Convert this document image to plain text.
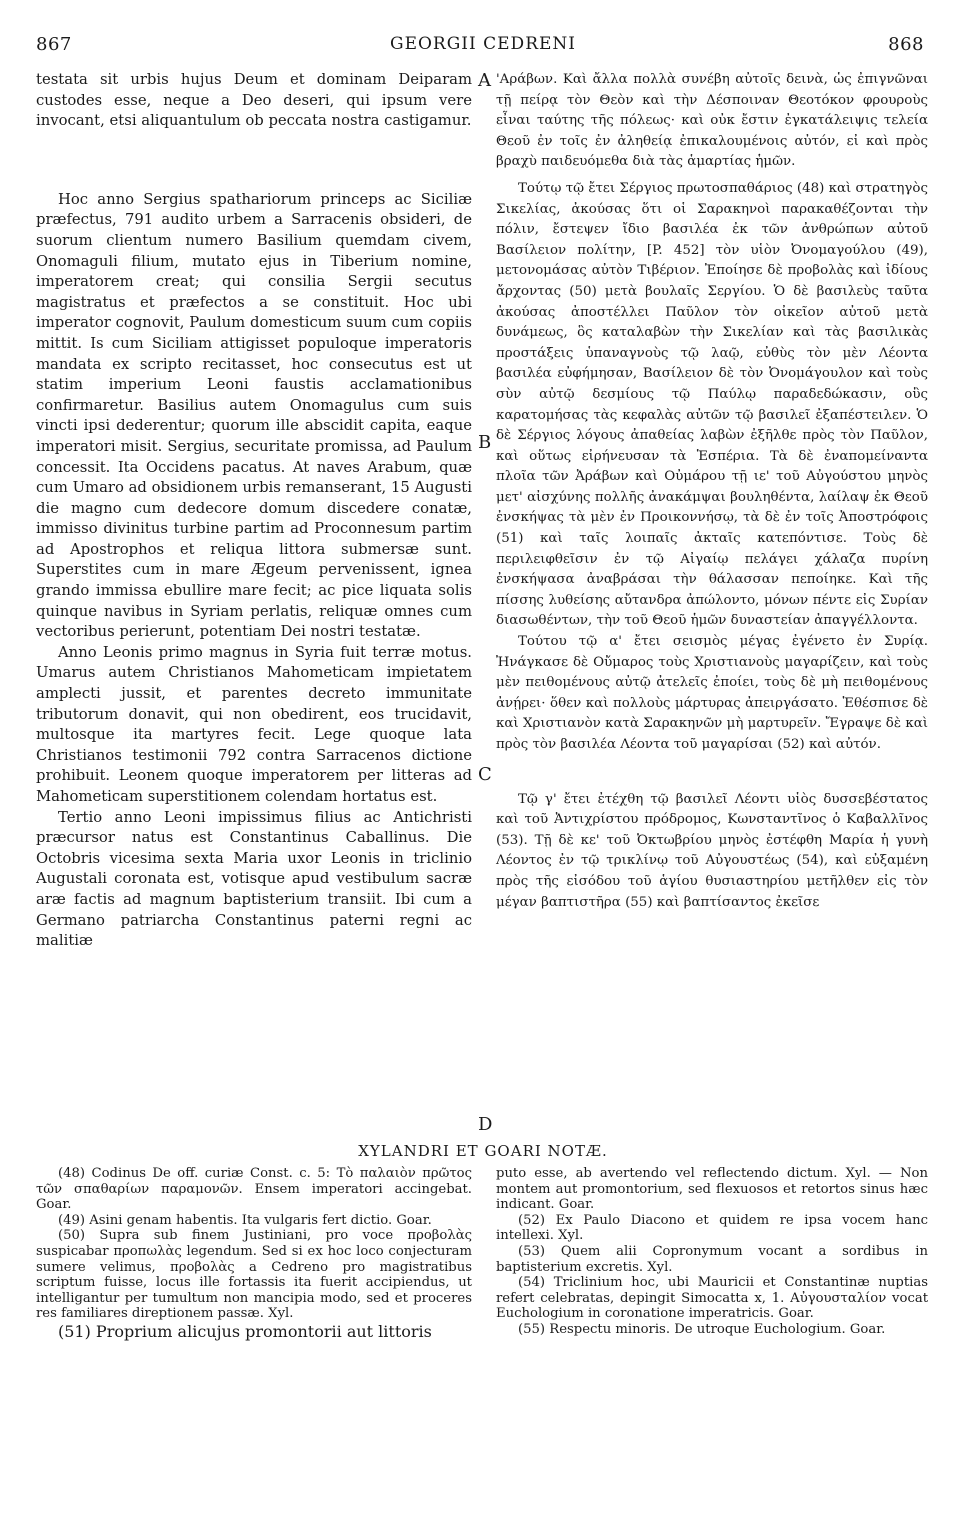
867	GEORGII CEDRENI	868

testata sit urbis hujus Deum et dominam Deiparam custodes esse, neque a Deo deseri, qui ipsum vere invocant, etsi aliquantulum ob peccata nostra castigamur.

Hoc anno Sergius spathariorum princeps ac Siciliæ præfectus, 791 audito urbem a Sarracenis obsideri, de suorum clientum numero Basilium quemdam civem, Onomaguli filium, mutato ejus in Tiberium nomine, imperatorem creat; qui consilia Sergii secutus magistratus et præfectos a se constituit. Hoc ubi imperator cognovit, Paulum domesticum suum cum copiis mittit. Is cum Siciliam attigisset populoque imperatoris mandata ex scripto recitasset, hoc consecutus est ut statim imperium Leoni faustis acclamationibus confirmaretur. Basilius autem Onomagulus cum suis vincti ipsi dederentur; quorum ille abscidit capita, eaque imperatori misit. Sergius, securitate promissa, ad Paulum concessit. Ita Occidens pacatus. At naves Arabum, quæ cum Umaro ad obsidionem urbis remanserant, 15 Augusti die magno cum dedecore domum discedere conatæ, immisso divinitus turbine partim ad Proconnesum partim ad Apostrophos et reliqua littora submersæ sunt. Superstites cum in mare Ægeum pervenissent, ignea grando immissa ebullire mare fecit; ac pice liquata solis quinque navibus in Syriam perlatis, reliquæ omnes cum vectoribus perierunt, potentiam Dei nostri testatæ.

Anno Leonis primo magnus in Syria fuit terræ motus. Umarus autem Christianos Mahometicam impietatem amplecti jussit, et parentes decreto immunitate tributorum donavit, qui non obedirent, eos trucidavit, multosque ita martyres fecit. Lege quoque lata Christianos testimonii 792 contra Sarracenos dictione prohibuit. Leonem quoque imperatorem per litteras ad Mahometicam superstitionem colendam hortatus est.

Tertio anno Leoni impissimus filius ac Antichristi præcursor natus est Constantinus Caballinus. Die Octobris vicesima sexta Maria uxor Leonis in triclinio Augustali coronata est, votisque apud vestibulum sacræ aræ factis ad magnum baptisterium transiit. Ibi cum a Germano patriarcha Constantinus paterni regni ac malitiæ

'Αράβων. Καὶ ἄλλα πολλὰ συνέβη αὐτοῖς δεινὰ, ὡς ἐπιγνῶναι τῇ πείρᾳ τὸν Θεὸν καὶ τὴν Δέσποιναν Θεοτόκον φρουροὺς εἶναι ταύτης τῆς πόλεως· καὶ οὐκ ἔστιν ἐγκατάλειψις τελεία Θεοῦ ἐν τοῖς ἐν ἀληθείᾳ ἐπικαλουμένοις αὐτόν, εἰ καὶ πρὸς βραχὺ παιδευόμεθα διὰ τὰς ἁμαρτίας ἡμῶν.

Τούτῳ τῷ ἔτει Σέργιος πρωτοσπαθάριος (48) καὶ στρατηγὸς Σικελίας, ἀκούσας ὅτι οἱ Σαρακηνοὶ παρακαθέζονται τὴν πόλιν, ἔστεψεν ἴδιο βασιλέα ἐκ τῶν ἀνθρώπων αὐτοῦ Βασίλειον πολίτην, [P. 452] τὸν υἱὸν Ὀνομαγούλου (49), μετονομάσας αὐτὸν Τιβέριον. Ἐποίησε δὲ προβολὰς καὶ ἰδίους ἄρχοντας (50) μετὰ βουλαῖς Σεργίου. Ὁ δὲ βασιλεὺς ταῦτα ἀκούσας ἀποστέλλει Παῦλον τὸν οἰκεῖον αὐτοῦ μετὰ δυνάμεως, ὃς καταλαβὼν τὴν Σικελίαν καὶ τὰς βασιλικὰς προστάξεις ὑπαναγνοὺς τῷ λαῷ, εὐθὺς τὸν μὲν Λέοντα βασιλέα εὐφήμησαν, Βασίλειον δὲ τὸν Ὀνομάγουλον καὶ τοὺς σὺν αὐτῷ δεσμίους τῷ Παύλῳ παραδεδώκασιν, οὓς καρατομήσας τὰς κεφαλὰς αὐτῶν τῷ βασιλεῖ ἐξαπέστειλεν. Ὁ δὲ Σέργιος λόγους ἀπαθείας λαβὼν ἐξῆλθε πρὸς τὸν Παῦλον, καὶ οὕτως εἰρήνευσαν τὰ Ἑσπέρια. Τὰ δὲ ἐναπομείναντα πλοῖα τῶν Ἀράβων καὶ Οὐμάρου τῇ ιε' τοῦ Αὐγούστου μηνὸς μετ' αἰσχύνης πολλῆς ἀνακάμψαι βουληθέντα, λαίλαψ ἐκ Θεοῦ ἐνσκήψας τὰ μὲν ἐν Προικοννήσῳ, τὰ δὲ ἐν τοῖς Ἀποστρόφοις (51) καὶ ταῖς λοιπαῖς ἀκταῖς κατεπόντισε. Τοὺς δὲ περιλειφθεῖσιν ἐν τῷ Αἰγαίῳ πελάγει χάλαζα πυρίνη ἐνσκήψασα ἀναβράσαι τὴν θάλασσαν πεποίηκε. Καὶ τῆς πίσσης λυθείσης αὔτανδρα ἀπώλοντο, μόνων πέντε εἰς Συρίαν διασωθέντων, τὴν τοῦ Θεοῦ ἡμῶν δυναστείαν ἀπαγγέλλοντα.

Τούτου τῷ α' ἔτει σεισμὸς μέγας ἐγένετο ἐν Συρίᾳ. Ἠνάγκασε δὲ Οὔμαρος τοὺς Χριστιανοὺς μαγαρίζειν, καὶ τοὺς μὲν πειθομένους αὐτῷ ἀτελεῖς ἐποίει, τοὺς δὲ μὴ πειθομένους ἀνῄρει· ὅθεν καὶ πολλοὺς μάρτυρας ἀπειργάσατο. Ἐθέσπισε δὲ καὶ Χριστιανὸν κατὰ Σαρακηνῶν μὴ μαρτυρεῖν. Ἔγραψε δὲ καὶ πρὸς τὸν βασιλέα Λέοντα τοῦ μαγαρίσαι (52) καὶ αὐτόν.

Τῷ γ' ἔτει ἐτέχθη τῷ βασιλεῖ Λέοντι υἱὸς δυσσεβέστατος καὶ τοῦ Ἀντιχρίστου πρόδρομος, Κωνσταντῖνος ὁ Καβαλλῖνος (53). Τῇ δὲ κε' τοῦ Ὀκτωβρίου μηνὸς ἐστέφθη Μαρία ἡ γυνὴ Λέοντος ἐν τῷ τρικλίνῳ τοῦ Αὐγουστέως (54), καὶ εὐξαμένη πρὸς τῆς εἰσόδου τοῦ ἁγίου θυσιαστηρίου μετῆλθεν εἰς τὸν μέγαν βαπτιστῆρα (55) καὶ βαπτίσαντος ἐκεῖσε

A
B
C
D
XYLANDRI ET GOARI NOTÆ.

(48) Codinus De off. curiæ Const. c. 5: Τὸ παλαιὸν πρῶτος τῶν σπαθαρίων παραμονῶν. Ensem imperatori accingebat. Goar.

(49) Asini genam habentis. Ita vulgaris fert dictio. Goar.

(50) Supra sub finem Justiniani, pro voce προβολὰς suspicabar προπωλὰς legendum. Sed si ex hoc loco conjecturam sumere velimus, προβολὰς a Cedreno pro magistratibus scriptum fuisse, locus ille fortassis ita fuerit accipiendus, ut intelligantur per tumultum non mancipia modo, sed et proceres res familiares direptionem passæ. Xyl.

(51) Proprium alicujus promontorii aut littoris

puto esse, ab avertendo vel reflectendo dictum. Xyl. — Non montem aut promontorium, sed flexuosos et retortos sinus hæc indicant. Goar.

(52) Ex Paulo Diacono et quidem re ipsa vocem hanc intellexi. Xyl.

(53) Quem alii Copronymum vocant a sordibus in baptisterium excretis. Xyl.

(54) Triclinium hoc, ubi Mauricii et Constantinæ nuptias refert celebratas, depingit Simocatta x, 1. Αὐγουσταλίον vocat Euchologium in coronatione imperatricis. Goar.

(55) Respectu minoris. De utroque Euchologium. Goar.
